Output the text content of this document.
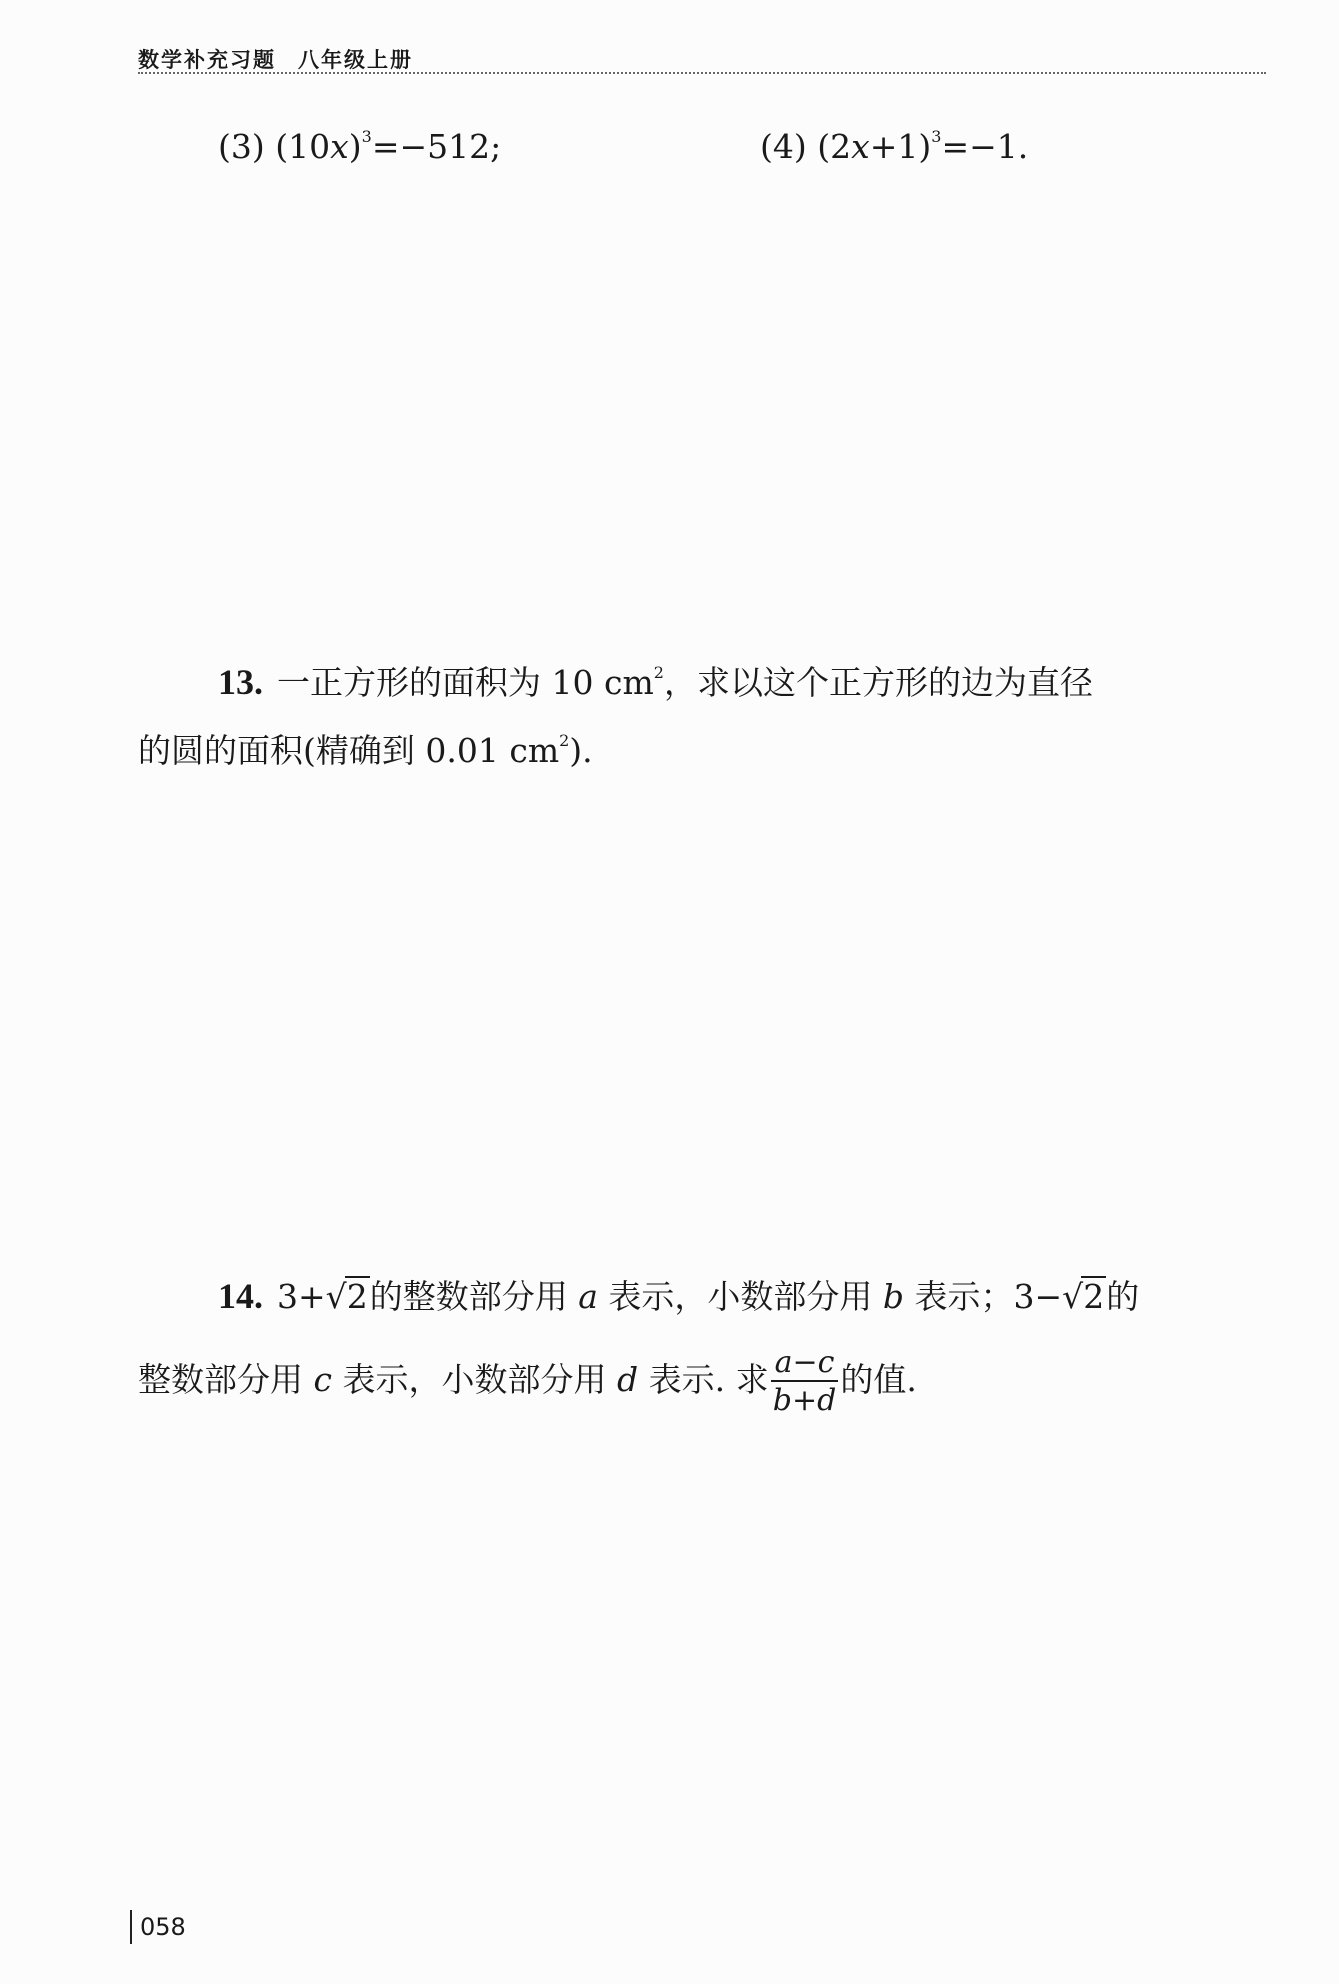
数学补充习题 八年级上册
(3) $(10x)^3=-512$;	(4) $(2x+1)^3=-1$.
13. 一正方形的面积为 10 $cm^2$，求以这个正方形的边为直径
的圆的面积(精确到 0.01 $cm^2$).
14. 3+√2的整数部分用 a 表示，小数部分用 b 表示；3−√2的
整数部分用 c 表示，小数部分用 d 表示. 求 $\frac{a-c}{b+d}$ 的值.
058
